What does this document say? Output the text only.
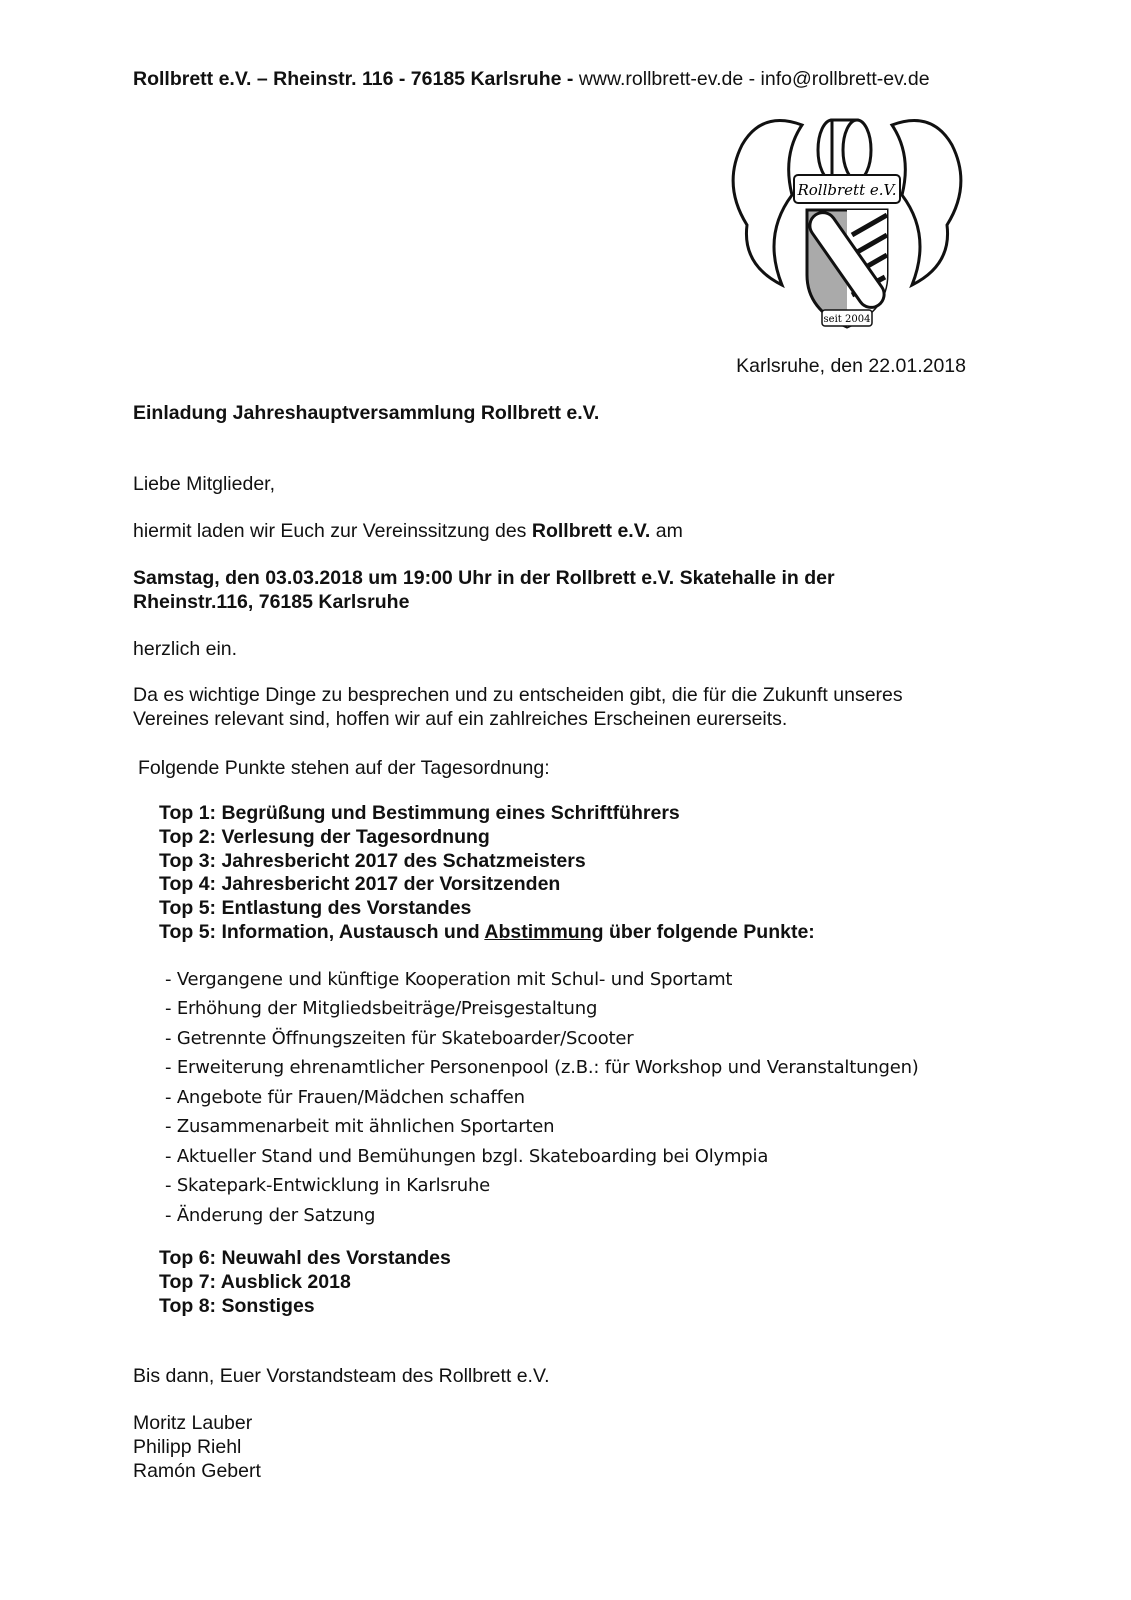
Rollbrett e.V. – Rheinstr. 116 - 76185 Karlsruhe - www.rollbrett-ev.de - info@rollbrett-ev.de
Rollbrett e.V.
seit 2004
Karlsruhe, den 22.01.2018
Einladung Jahreshauptversammlung Rollbrett e.V.
Liebe Mitglieder,
hiermit laden wir Euch zur Vereinssitzung des Rollbrett e.V. am
Samstag, den 03.03.2018 um 19:00 Uhr in der Rollbrett e.V. Skatehalle in der
Rheinstr.116, 76185 Karlsruhe
herzlich ein.
Da es wichtige Dinge zu besprechen und zu entscheiden gibt, die für die Zukunft unseres
Vereines relevant sind, hoffen wir auf ein zahlreiches Erscheinen eurerseits.
Folgende Punkte stehen auf der Tagesordnung:
Top 1: Begrüßung und Bestimmung eines Schriftführers
Top 2: Verlesung der Tagesordnung
Top 3: Jahresbericht 2017 des Schatzmeisters
Top 4: Jahresbericht 2017 der Vorsitzenden
Top 5: Entlastung des Vorstandes
Top 5: Information, Austausch und Abstimmung über folgende Punkte:
- Vergangene und künftige Kooperation mit Schul- und Sportamt
- Erhöhung der Mitgliedsbeiträge/Preisgestaltung
- Getrennte Öffnungszeiten für Skateboarder/Scooter
- Erweiterung ehrenamtlicher Personenpool (z.B.: für Workshop und Veranstaltungen)
- Angebote für Frauen/Mädchen schaffen
- Zusammenarbeit mit ähnlichen Sportarten
- Aktueller Stand und Bemühungen bzgl. Skateboarding bei Olympia
- Skatepark-Entwicklung in Karlsruhe
- Änderung der Satzung
Top 6: Neuwahl des Vorstandes
Top 7: Ausblick 2018
Top 8: Sonstiges
Bis dann, Euer Vorstandsteam des Rollbrett e.V.
Moritz Lauber
Philipp Riehl
Ramón Gebert
